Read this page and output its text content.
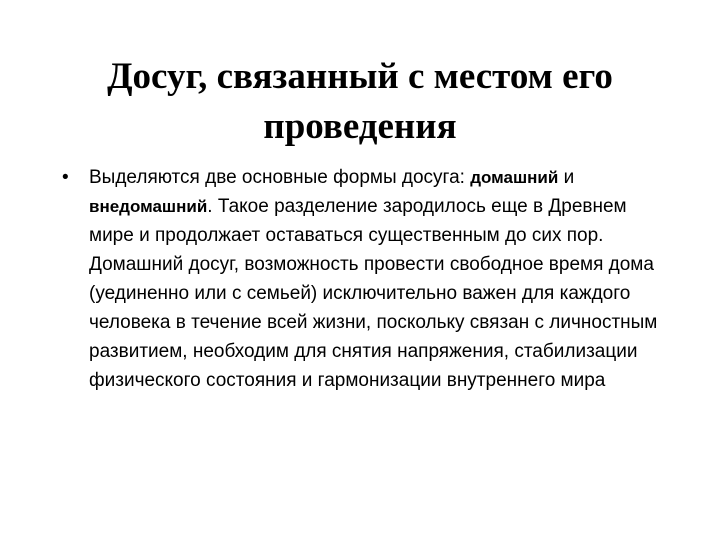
Досуг, связанный с местом его проведения
• Выделяются две основные формы досуга: домашний и внедомашний. Такое разделение зародилось еще в Древнем мире и продолжает оставаться существенным до сих пор. Домашний досуг, возможность провести свободное время дома (уединенно или с семьей) исключительно важен для каждого человека в течение всей жизни, поскольку связан с личностным развитием, необходим для снятия напряжения, стабилизации физического состояния и гармонизации внутреннего мира
